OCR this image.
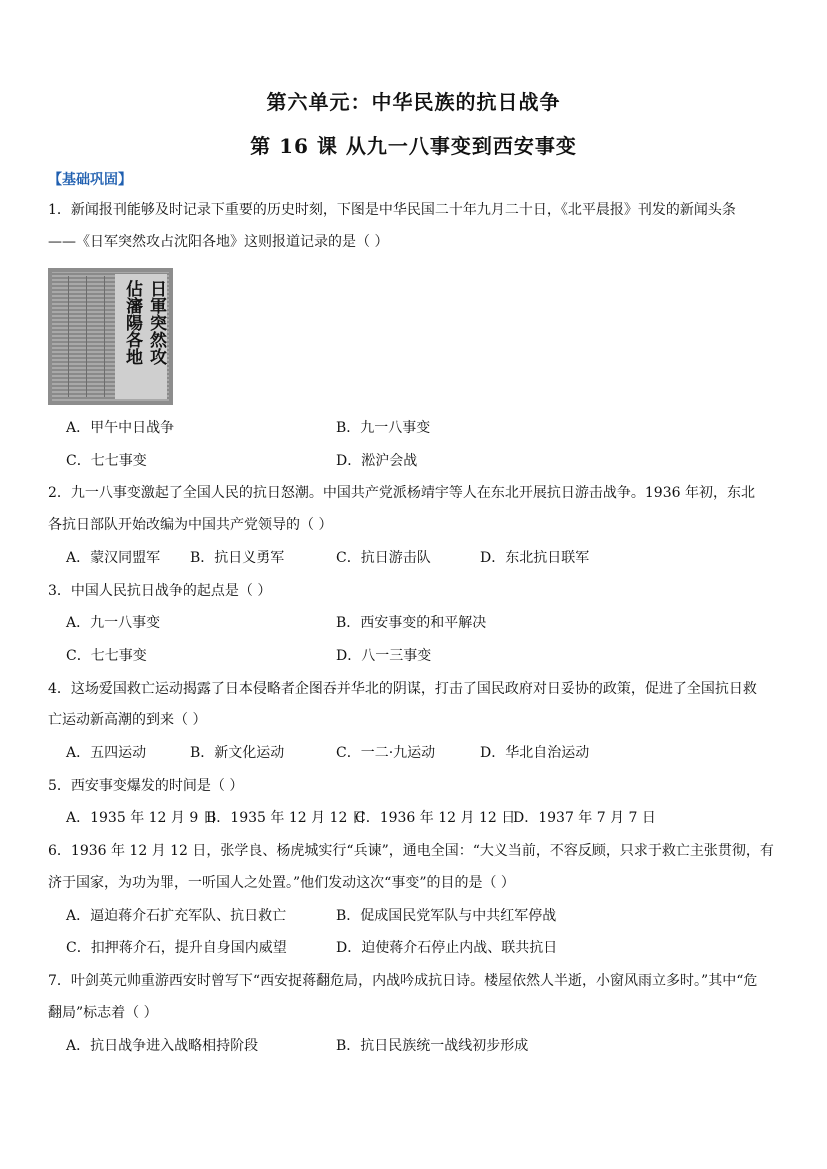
第六单元：中华民族的抗日战争
第 16 课 从九一八事变到西安事变
【基础巩固】
1．新闻报刊能够及时记录下重要的历史时刻，下图是中华民国二十年九月二十日，《北平晨报》刊发的新闻头条
——《日军突然攻占沈阳各地》这则报道记录的是（ ）
日軍突然攻
佔瀋陽各地
A．甲午中日战争	B．九一八事变
C．七七事变	D．淞沪会战
2．九一八事变激起了全国人民的抗日怒潮。中国共产党派杨靖宇等人在东北开展抗日游击战争。1936 年初，东北
各抗日部队开始改编为中国共产党领导的（ ）
A．蒙汉同盟军 B．抗日义勇军	C．抗日游击队	D．东北抗日联军
3．中国人民抗日战争的起点是（ ）
A．九一八事变	B．西安事变的和平解决
C．七七事变	D．八一三事变
4．这场爱国救亡运动揭露了日本侵略者企图吞并华北的阴谋，打击了国民政府对日妥协的政策，促进了全国抗日救
亡运动新高潮的到来（ ）
A．五四运动	B．新文化运动	C．一二·九运动	D．华北自治运动
5．西安事变爆发的时间是（ ）
A．1935 年 12 月 9 日
B．1935 年 12 月 12 日
C．1936 年 12 月 12 日
D．1937 年 7 月 7 日
6．1936 年 12 月 12 日，张学良、杨虎城实行“兵谏”，通电全国：“大义当前，不容反顾，只求于救亡主张贯彻，有
济于国家，为功为罪，一听国人之处置。”他们发动这次“事变”的目的是（ ）
A．逼迫蒋介石扩充军队、抗日救亡	B．促成国民党军队与中共红军停战
C．扣押蒋介石，提升自身国内威望	D．迫使蒋介石停止内战、联共抗日
7．叶剑英元帅重游西安时曾写下“西安捉蒋翻危局，内战吟成抗日诗。楼屋依然人半逝，小窗风雨立多时。”其中“危
翻局”标志着（ ）
A．抗日战争进入战略相持阶段	B．抗日民族统一战线初步形成
